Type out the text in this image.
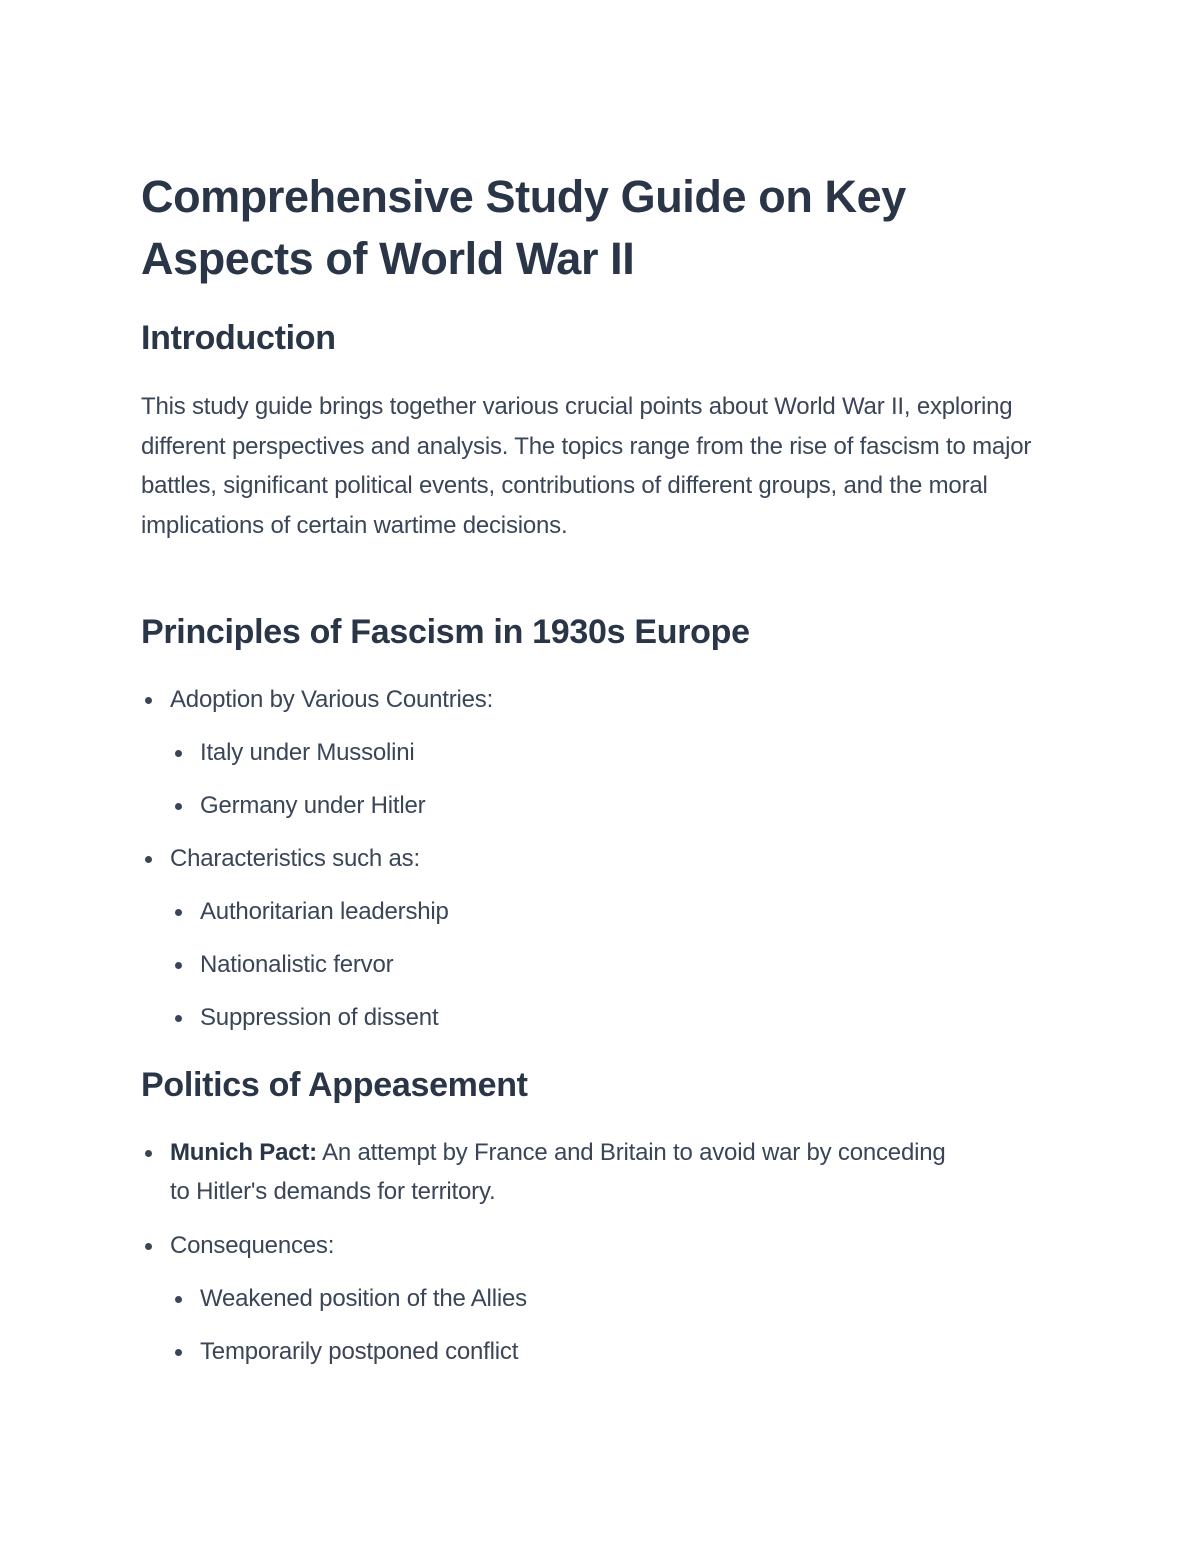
Comprehensive Study Guide on Key Aspects of World War II
Introduction

This study guide brings together various crucial points about World War II, exploring different perspectives and analysis. The topics range from the rise of fascism to major battles, significant political events, contributions of different groups, and the moral implications of certain wartime decisions.

Principles of Fascism in 1930s Europe
Adoption by Various Countries:
Italy under Mussolini
Germany under Hitler
Characteristics such as:
Authoritarian leadership
Nationalistic fervor
Suppression of dissent
Politics of Appeasement
Munich Pact: An attempt by France and Britain to avoid war by conceding to Hitler's demands for territory.
Consequences:
Weakened position of the Allies
Temporarily postponed conflict
